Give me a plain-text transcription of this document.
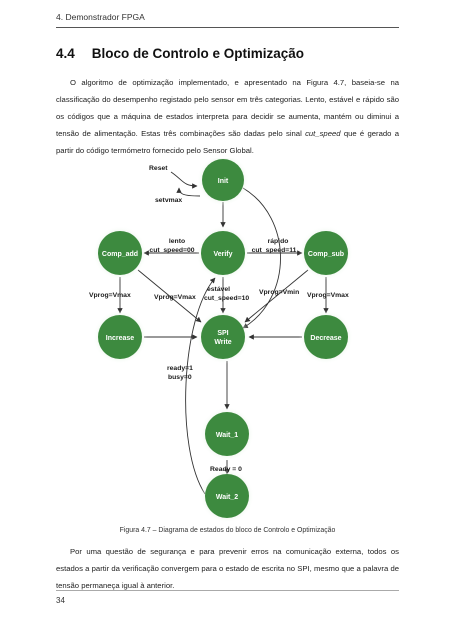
4. Demonstrador FPGA
4.4 Bloco de Controlo e Optimização
O algoritmo de optimização implementado, e apresentado na Figura 4.7, baseia-se na classificação do desempenho registado pelo sensor em três categorias. Lento, estável e rápido são os códigos que a máquina de estados interpreta para decidir se aumenta, mantém ou diminui a tensão de alimentação. Estas três combinações são dadas pelo sinal cut_speed que é gerado a partir do código termómetro fornecido pelo Sensor Global.
Init
Comp_add	Verify	Comp_sub
Increase
SPI
Write
Decrease
Wait_1
Wait_2
Reset
setvmax
lento
cut_speed=00
rápido
cut_speed=11
estável
cut_speed=10
Vprog=Vmax	Vprog=Vmax
Vprog=Vmin Vprog=Vmax
ready=1
busy=0
Ready = 0
Figura 4.7 – Diagrama de estados do bloco de Controlo e Optimização
Por uma questão de segurança e para prevenir erros na comunicação externa, todos os estados a partir da verificação convergem para o estado de escrita no SPI, mesmo que a palavra de tensão permaneça igual à anterior.
34
